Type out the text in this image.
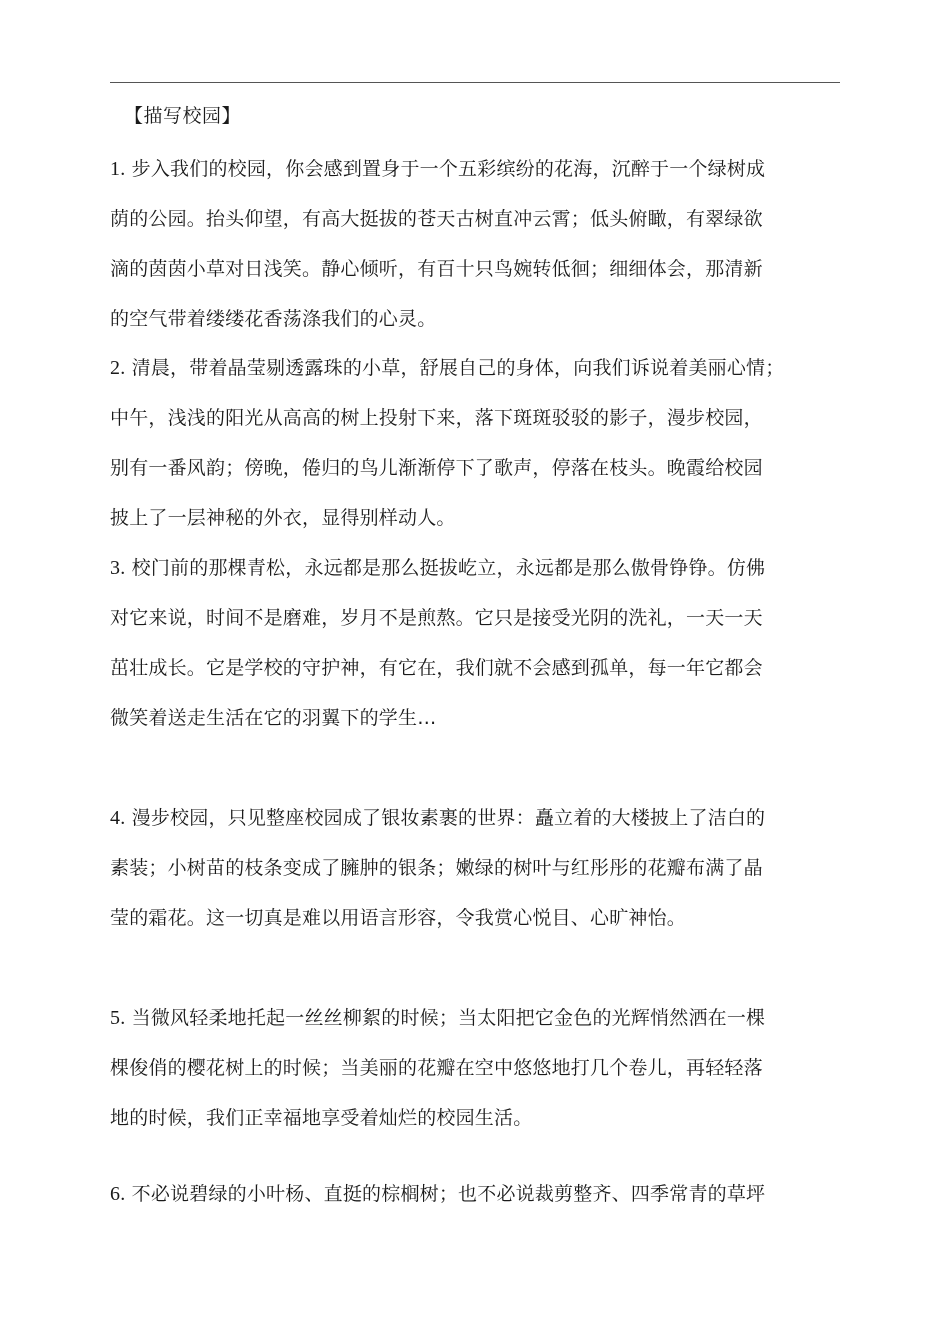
【描写校园】
1. 步入我们的校园，你会感到置身于一个五彩缤纷的花海，沉醉于一个绿树成
荫的公园。抬头仰望，有高大挺拔的苍天古树直冲云霄；低头俯瞰，有翠绿欲
滴的茵茵小草对日浅笑。静心倾听，有百十只鸟婉转低徊；细细体会，那清新
的空气带着缕缕花香荡涤我们的心灵。
2. 清晨，带着晶莹剔透露珠的小草，舒展自己的身体，向我们诉说着美丽心情；
中午，浅浅的阳光从高高的树上投射下来，落下斑斑驳驳的影子，漫步校园，
别有一番风韵；傍晚，倦归的鸟儿渐渐停下了歌声，停落在枝头。晚霞给校园
披上了一层神秘的外衣，显得别样动人。
3. 校门前的那棵青松，永远都是那么挺拔屹立，永远都是那么傲骨铮铮。仿佛
对它来说，时间不是磨难，岁月不是煎熬。它只是接受光阴的洗礼，一天一天
茁壮成长。它是学校的守护神，有它在，我们就不会感到孤单，每一年它都会
微笑着送走生活在它的羽翼下的学生…
4. 漫步校园，只见整座校园成了银妆素裹的世界：矗立着的大楼披上了洁白的
素装；小树苗的枝条变成了臃肿的银条；嫩绿的树叶与红彤彤的花瓣布满了晶
莹的霜花。这一切真是难以用语言形容，令我赏心悦目、心旷神怡。
5. 当微风轻柔地托起一丝丝柳絮的时候；当太阳把它金色的光辉悄然洒在一棵
棵俊俏的樱花树上的时候；当美丽的花瓣在空中悠悠地打几个卷儿，再轻轻落
地的时候，我们正幸福地享受着灿烂的校园生活。
6. 不必说碧绿的小叶杨、直挺的棕榈树；也不必说裁剪整齐、四季常青的草坪
